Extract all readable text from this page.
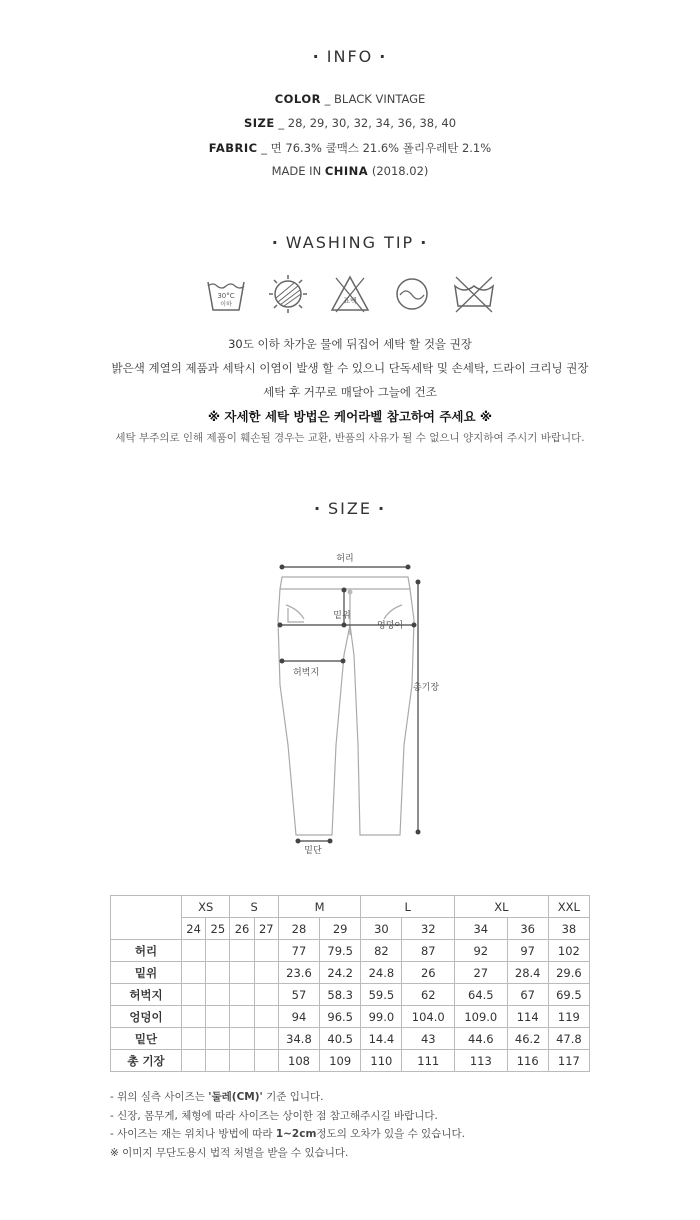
· INFO ·
COLOR _ BLACK VINTAGE
SIZE _ 28, 29, 30, 32, 34, 36, 38, 40
FABRIC _ 면 76.3% 쿨맥스 21.6% 폴리우레탄 2.1%
MADE IN CHINA (2018.02)
· WASHING TIP ·
30°C
이하	표백
30도 이하 차가운 물에 뒤집어 세탁 할 것을 권장
밝은색 계열의 제품과 세탁시 이염이 발생 할 수 있으니 단독세탁 및 손세탁, 드라이 크리닝 권장
세탁 후 거꾸로 매달아 그늘에 건조
※ 자세한 세탁 방법은 케어라벨 참고하여 주세요 ※
세탁 부주의로 인해 제품이 훼손될 경우는 교환, 반품의 사유가 될 수 없으니 양지하여 주시기 바랍니다.
· SIZE ·
허리
밑위
엉덩이
허벅지
총기장
밑단
	XS		S		M		L		XL		XXL
	24	25	26	27	28	29	30	32	34	36	38
허리					77	79.5	82	87	92	97	102
밑위					23.6	24.2	24.8	26	27	28.4	29.6
허벅지					57	58.3	59.5	62	64.5	67	69.5
엉덩이					94	96.5	99.0	104.0	109.0	114	119
밑단					34.8	40.5	14.4	43	44.6	46.2	47.8
총 기장					108	109	110	111	113	116	117
- 위의 실측 사이즈는 '둘레(CM)' 기준 입니다.
- 신장, 몸무게, 체형에 따라 사이즈는 상이한 점 참고해주시길 바랍니다.
- 사이즈는 재는 위치나 방법에 따라 1~2cm정도의 오차가 있을 수 있습니다.
※ 이미지 무단도용시 법적 처벌을 받을 수 있습니다.
